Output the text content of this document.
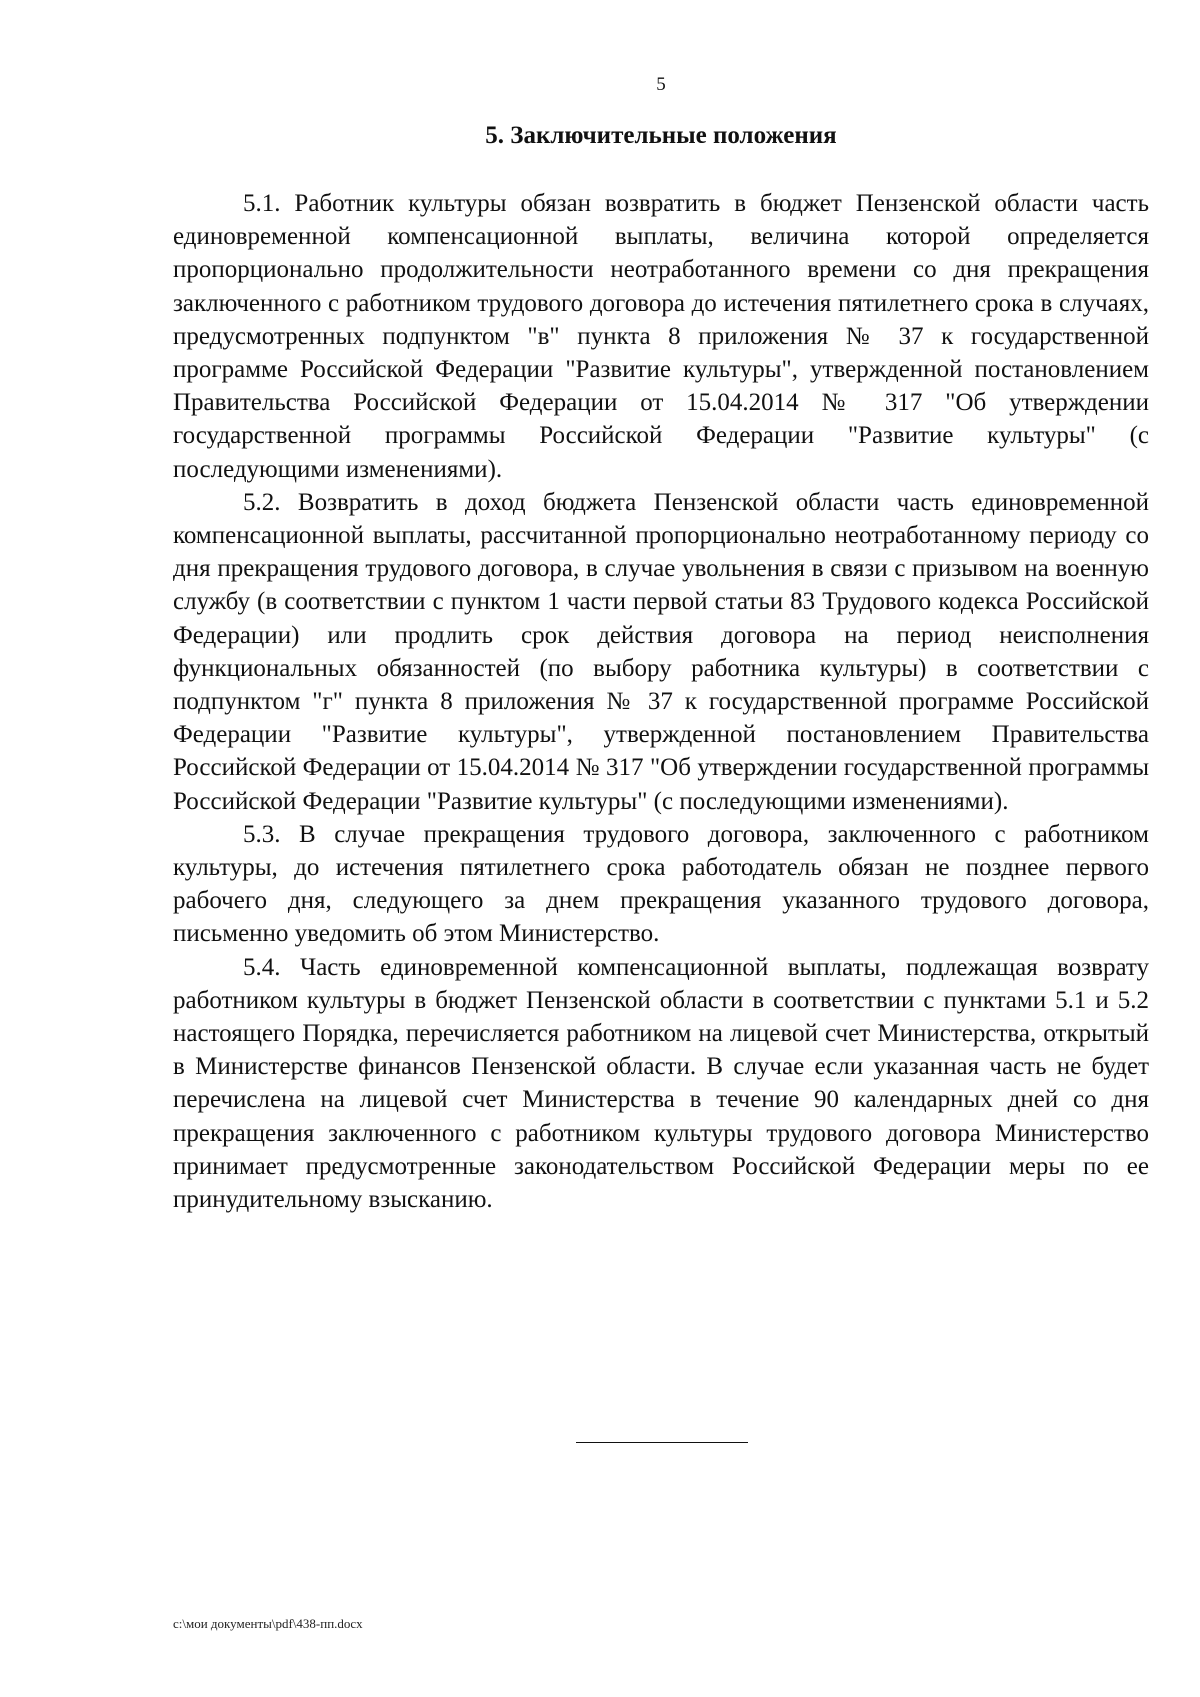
5
5. Заключительные положения

5.1. Работник культуры обязан возвратить в бюджет Пензенской области часть единовременной компенсационной выплаты, величина которой определяется пропорционально продолжительности неотработанного времени со дня прекращения заключенного с работником трудового договора до истечения пятилетнего срока в случаях, предусмотренных подпунктом "в" пункта 8 приложения № 37 к государственной программе Российской Федерации "Развитие культуры", утвержденной постановлением Правительства Российской Федерации от 15.04.2014 № 317 "Об утверждении государственной программы Российской Федерации "Развитие культуры" (с последующими изменениями).

5.2. Возвратить в доход бюджета Пензенской области часть единовременной компенсационной выплаты, рассчитанной пропорционально неотработанному периоду со дня прекращения трудового договора, в случае увольнения в связи с призывом на военную службу (в соответствии с пунктом 1 части первой статьи 83 Трудового кодекса Российской Федерации) или продлить срок действия договора на период неисполнения функциональных обязанностей (по выбору работника культуры) в соответствии с подпунктом "г" пункта 8 приложения № 37 к государственной программе Российской Федерации "Развитие культуры", утвержденной постановлением Правительства Российской Федерации от 15.04.2014 № 317 "Об утверждении государственной программы Российской Федерации "Развитие культуры" (с последующими изменениями).

5.3. В случае прекращения трудового договора, заключенного с работником культуры, до истечения пятилетнего срока работодатель обязан не позднее первого рабочего дня, следующего за днем прекращения указанного трудового договора, письменно уведомить об этом Министерство.

5.4. Часть единовременной компенсационной выплаты, подлежащая возврату работником культуры в бюджет Пензенской области в соответствии с пунктами 5.1 и 5.2 настоящего Порядка, перечисляется работником на лицевой счет Министерства, открытый в Министерстве финансов Пензенской области. В случае если указанная часть не будет перечислена на лицевой счет Министерства в течение 90 календарных дней со дня прекращения заключенного с работником культуры трудового договора Министерство принимает предусмотренные законодательством Российской Федерации меры по ее принудительному взысканию.

c:\мои документы\pdf\438-пп.docx
